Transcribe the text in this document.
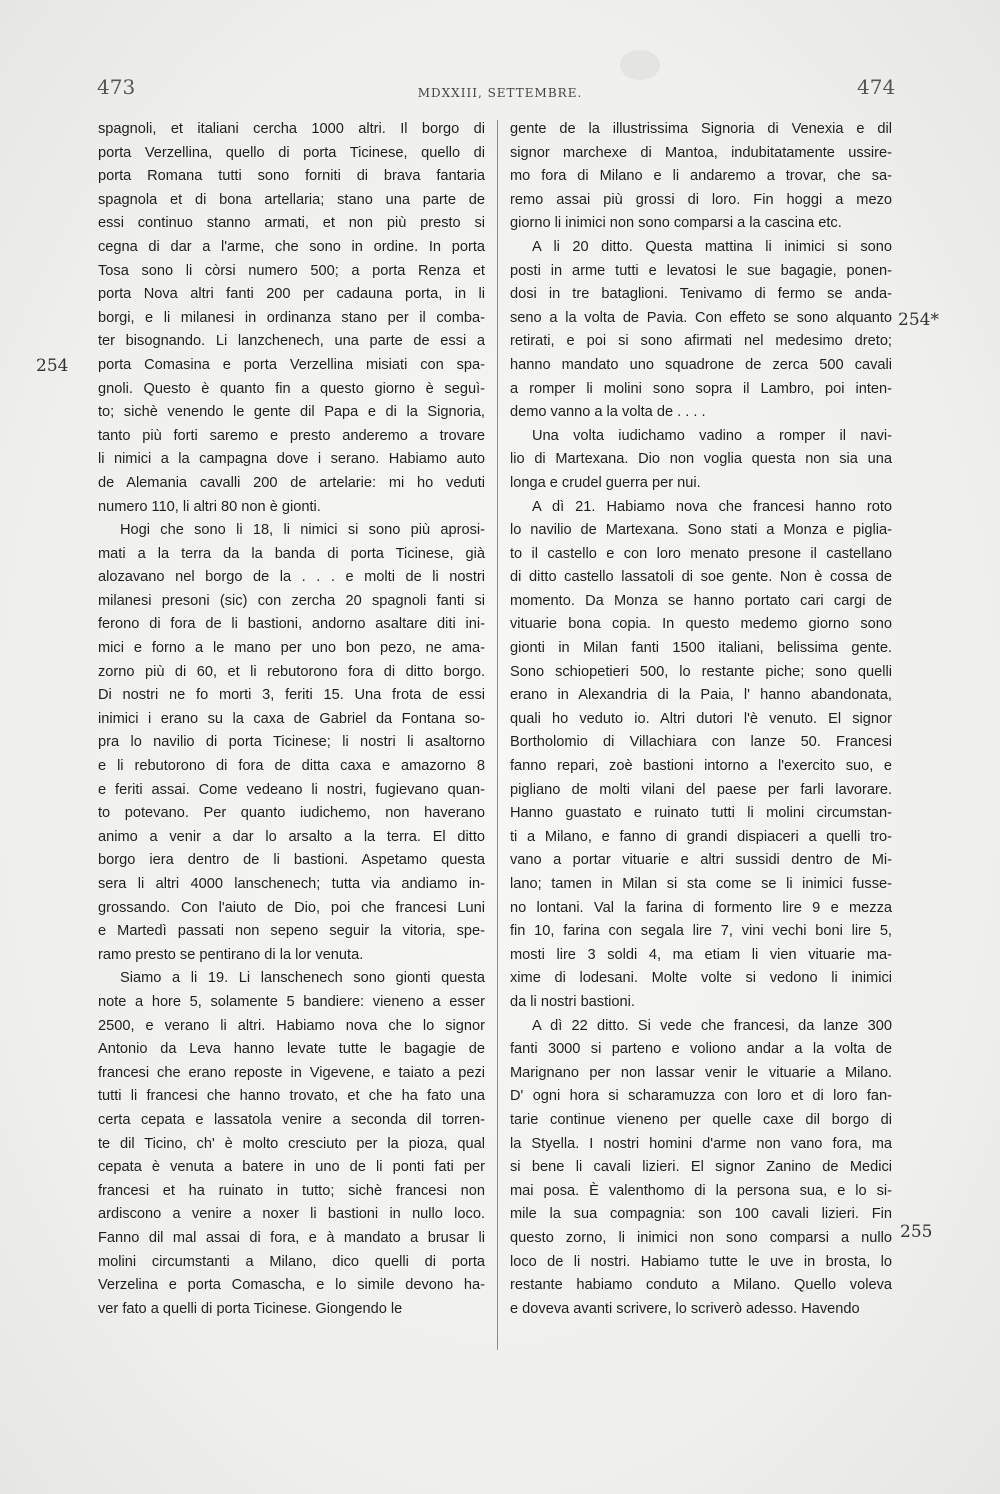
473	MDXXIII, SETTEMBRE.	474
spagnoli, et italiani cercha 1000 altri. Il borgo di
porta Verzellina, quello di porta Ticinese, quello di
porta Romana tutti sono forniti di brava fantaria
spagnola et di bona artellaria; stano una parte de
essi continuo stanno armati, et non più presto si
cegna di dar a l'arme, che sono in ordine. In porta
Tosa sono li còrsi numero 500; a porta Renza et
porta Nova altri fanti 200 per cadauna porta, in li
borgi, e li milanesi in ordinanza stano per il comba-
ter bisognando. Li lanzchenech, una parte de essi a
porta Comasina e porta Verzellina misiati con spa-
gnoli. Questo è quanto fin a questo giorno è seguì-
to; sichè venendo le gente dil Papa e di la Signoria,
tanto più forti saremo e presto anderemo a trovare
li nimici a la campagna dove i serano. Habiamo auto
de Alemania cavalli 200 de artelarie: mi ho veduti
numero 110, li altri 80 non è gionti.
Hogi che sono li 18, li nimici si sono più aprosi-
mati a la terra da la banda di porta Ticinese, già
alozavano nel borgo de la . . . e molti de li nostri
milanesi presoni (sic) con zercha 20 spagnoli fanti si
ferono di fora de li bastioni, andorno asaltare diti ini-
mici e forno a le mano per uno bon pezo, ne ama-
zorno più di 60, et li rebutorono fora di ditto borgo.
Di nostri ne fo morti 3, feriti 15. Una frota de essi
inimici i erano su la caxa de Gabriel da Fontana so-
pra lo navilio di porta Ticinese; li nostri li asaltorno
e li rebutorono di fora de ditta caxa e amazorno 8
e feriti assai. Come vedeano li nostri, fugievano quan-
to potevano. Per quanto iudichemo, non haverano
animo a venir a dar lo arsalto a la terra. El ditto
borgo iera dentro de li bastioni. Aspetamo questa
sera li altri 4000 lanschenech; tutta via andiamo in-
grossando. Con l'aiuto de Dio, poi che francesi Luni
e Martedì passati non sepeno seguir la vitoria, spe-
ramo presto se pentirano di la lor venuta.
Siamo a li 19. Li lanschenech sono gionti questa
note a hore 5, solamente 5 bandiere: vieneno a esser
2500, e verano li altri. Habiamo nova che lo signor
Antonio da Leva hanno levate tutte le bagagie de
francesi che erano reposte in Vigevene, e taiato a pezi
tutti li francesi che hanno trovato, et che ha fato una
certa cepata e lassatola venire a seconda dil torren-
te dil Ticino, ch' è molto cresciuto per la pioza, qual
cepata è venuta a batere in uno de li ponti fati per
francesi et ha ruinato in tutto; sichè francesi non
ardiscono a venire a noxer li bastioni in nullo loco.
Fanno dil mal assai di fora, e à mandato a brusar li
molini circumstanti a Milano, dico quelli di porta
Verzelina e porta Comascha, e lo simile devono ha-
ver fato a quelli di porta Ticinese. Giongendo le
gente de la illustrissima Signoria di Venexia e dil
signor marchexe di Mantoa, indubitatamente ussire-
mo fora di Milano e li andaremo a trovar, che sa-
remo assai più grossi di loro. Fin hoggi a mezo
giorno li inimici non sono comparsi a la cascina etc.
A li 20 ditto. Questa mattina li inimici si sono
posti in arme tutti e levatosi le sue bagagie, ponen-
dosi in tre bataglioni. Tenivamo di fermo se anda-
seno a la volta de Pavia. Con effeto se sono alquanto
retirati, e poi si sono afirmati nel medesimo dreto;
hanno mandato uno squadrone de zerca 500 cavali
a romper li molini sono sopra il Lambro, poi inten-
demo vanno a la volta de . . . .
Una volta iudichamo vadino a romper il navi-
lio di Martexana. Dio non voglia questa non sia una
longa e crudel guerra per nui.
A dì 21. Habiamo nova che francesi hanno roto
lo navilio de Martexana. Sono stati a Monza e piglia-
to il castello e con loro menato presone il castellano
di ditto castello lassatoli di soe gente. Non è cossa de
momento. Da Monza se hanno portato cari cargi de
vituarie bona copia. In questo medemo giorno sono
gionti in Milan fanti 1500 italiani, belissima gente.
Sono schiopetieri 500, lo restante piche; sono quelli
erano in Alexandria di la Paia, l' hanno abandonata,
quali ho veduto io. Altri dutori l'è venuto. El signor
Bortholomio di Villachiara con lanze 50. Francesi
fanno repari, zoè bastioni intorno a l'exercito suo, e
pigliano de molti vilani del paese per farli lavorare.
Hanno guastato e ruinato tutti li molini circumstan-
ti a Milano, e fanno di grandi dispiaceri a quelli tro-
vano a portar vituarie e altri sussidi dentro de Mi-
lano; tamen in Milan si sta come se li inimici fusse-
no lontani. Val la farina di formento lire 9 e mezza
fin 10, farina con segala lire 7, vini vechi boni lire 5,
mosti lire 3 soldi 4, ma etiam li vien vituarie ma-
xime di lodesani. Molte volte si vedono li inimici
da li nostri bastioni.
A dì 22 ditto. Si vede che francesi, da lanze 300
fanti 3000 si parteno e voliono andar a la volta de
Marignano per non lassar venir le vituarie a Milano.
D' ogni hora si scharamuzza con loro et di loro fan-
tarie continue vieneno per quelle caxe dil borgo di
la Styella. I nostri homini d'arme non vano fora, ma
si bene li cavali lizieri. El signor Zanino de Medici
mai posa. È valenthomo di la persona sua, e lo si-
mile la sua compagnia: son 100 cavali lizieri. Fin
questo zorno, li inimici non sono comparsi a nullo
loco de li nostri. Habiamo tutte le uve in brosta, lo
restante habiamo conduto a Milano. Quello voleva
e doveva avanti scrivere, lo scriverò adesso. Havendo
254
254*
255
